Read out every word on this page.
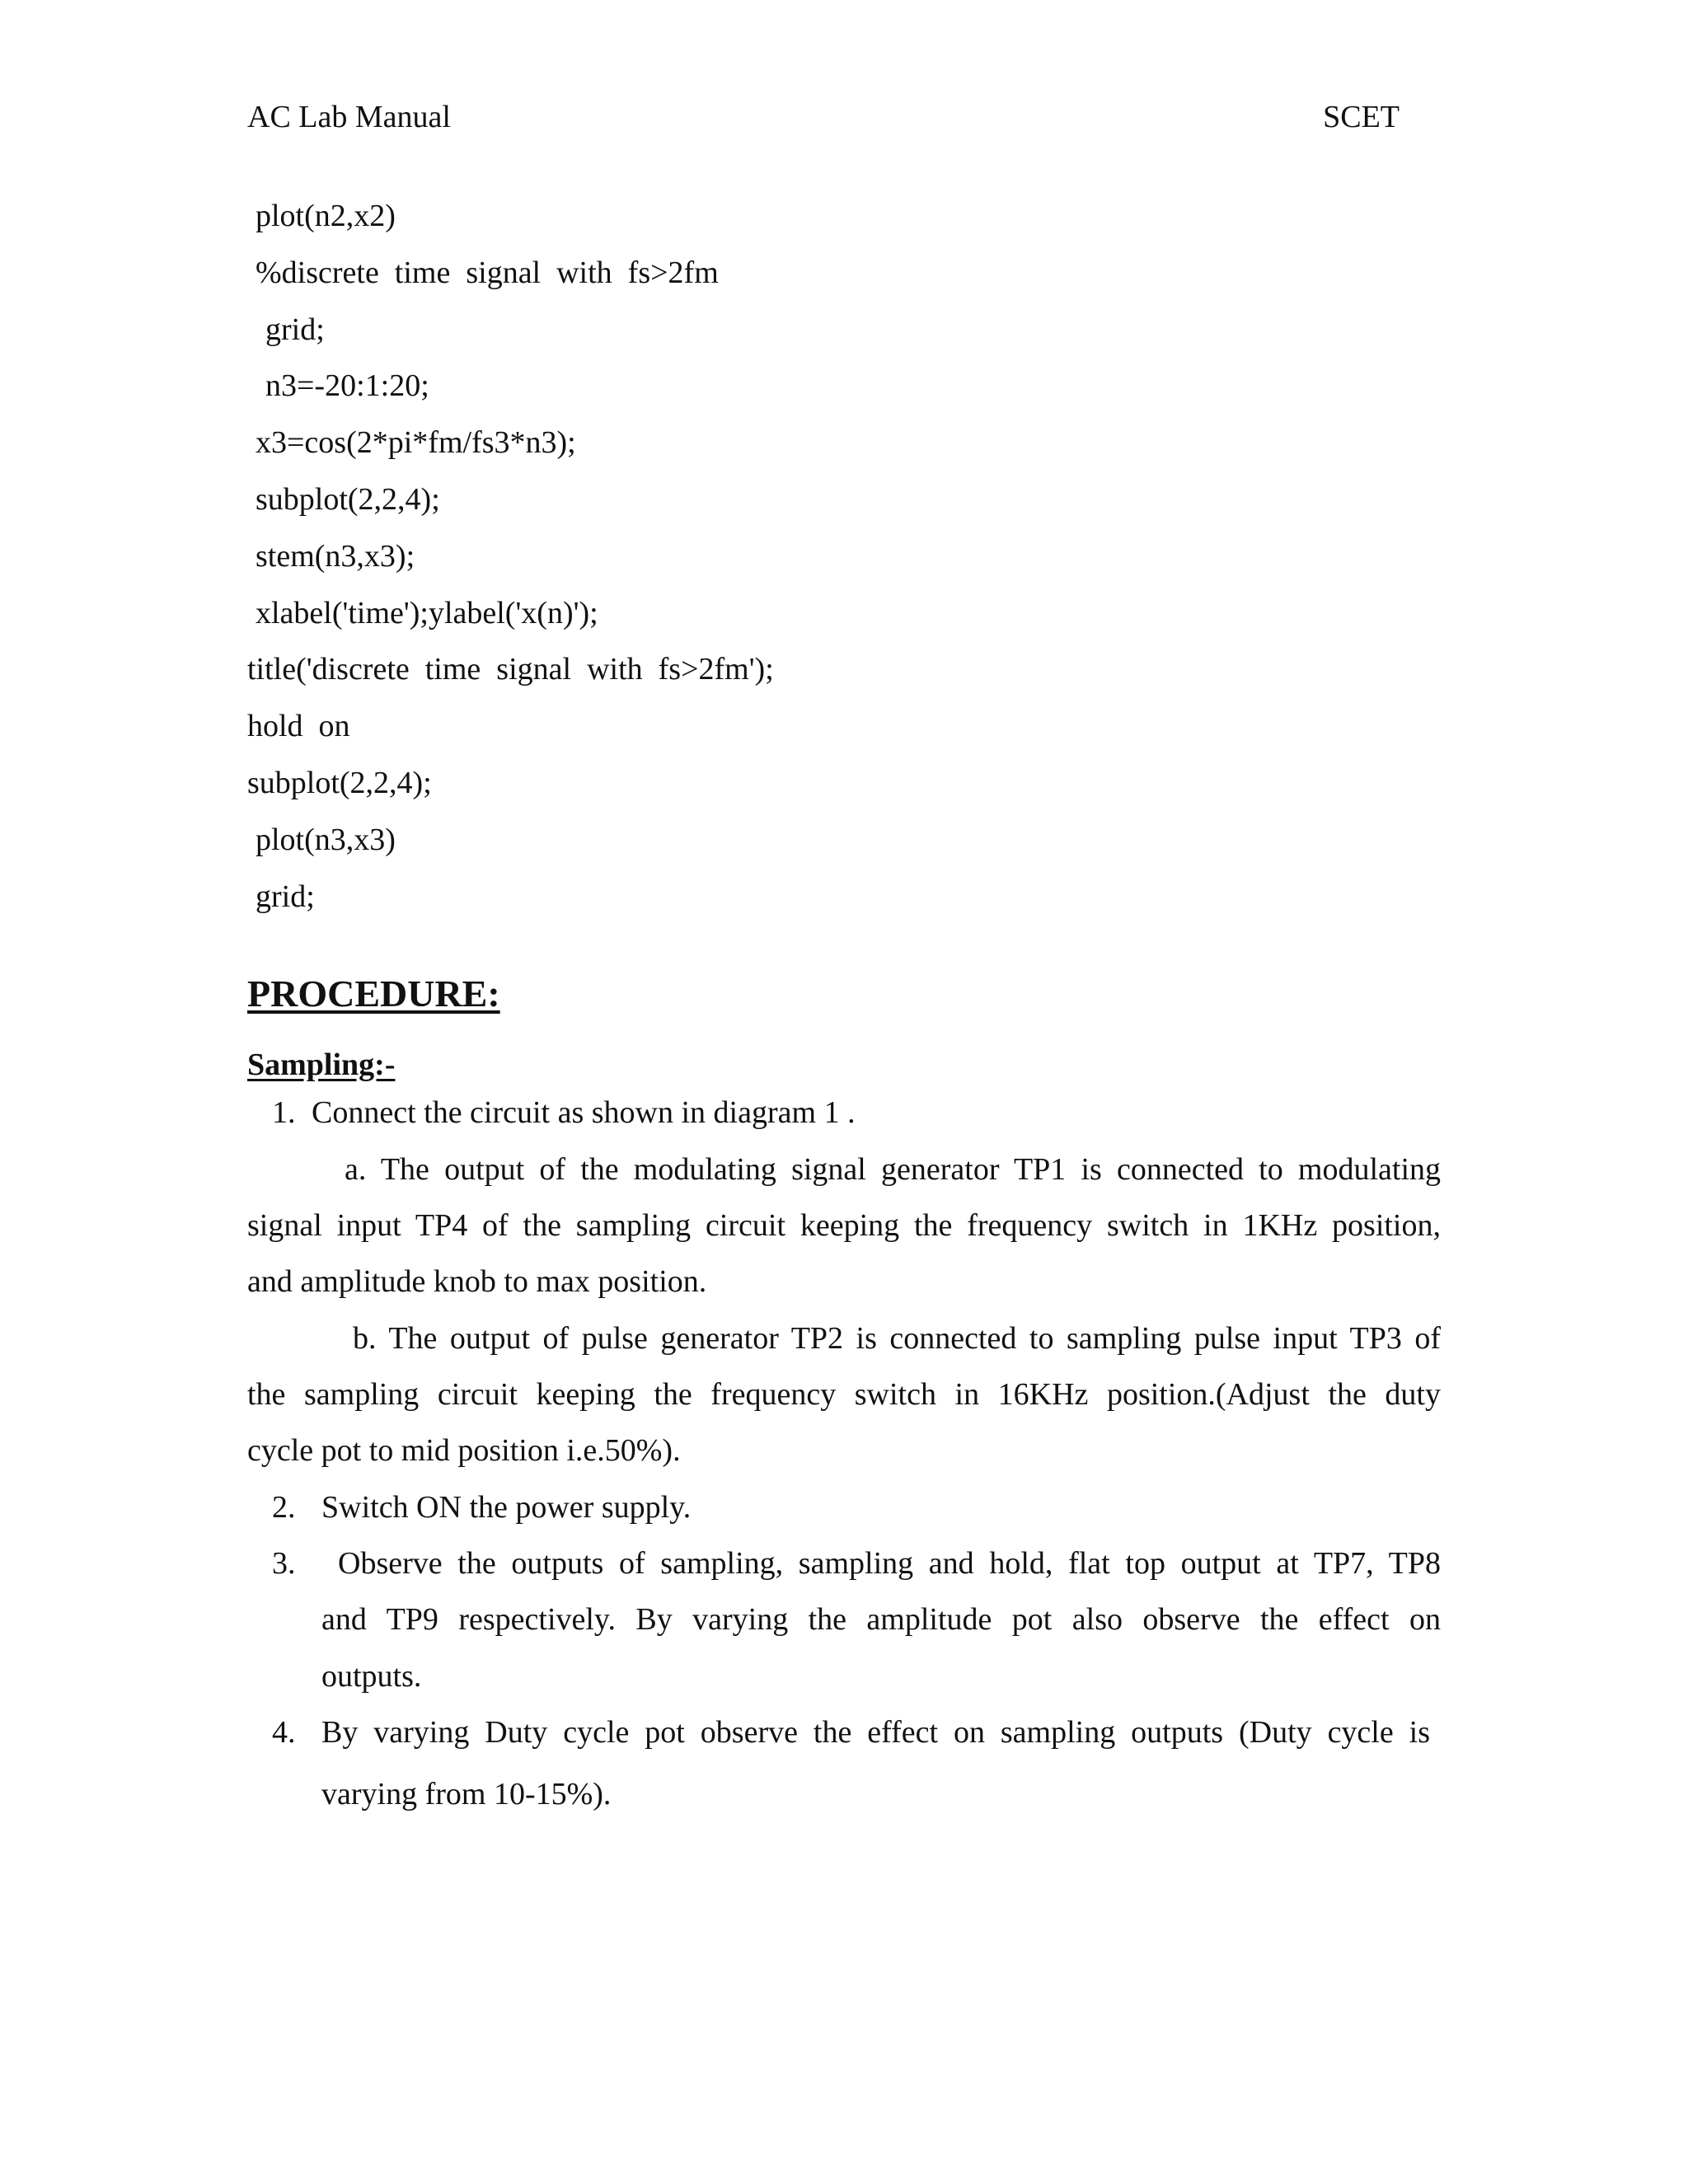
AC Lab Manual	SCET
plot(n2,x2)
%discrete  time  signal  with  fs>2fm
grid;
n3=-20:1:20;
x3=cos(2*pi*fm/fs3*n3);
subplot(2,2,4);
stem(n3,x3);
xlabel('time');ylabel('x(n)');
title('discrete  time  signal  with  fs>2fm');
hold  on
subplot(2,2,4);
plot(n3,x3)
grid;
PROCEDURE:
Sampling:-
1. Connect the circuit as shown in diagram 1 .
a. The output of the modulating signal generator TP1 is connected to modulating
signal input TP4 of the sampling circuit keeping the frequency switch in 1KHz position,
and amplitude knob to max position.
b. The output of pulse generator TP2 is connected to sampling pulse input TP3 of
the sampling circuit keeping the frequency switch in 16KHz position.(Adjust the duty
cycle pot to mid position i.e.50%).
2. Switch ON the power supply.
3. Observe the outputs of sampling, sampling and hold, flat top output at TP7, TP8
and TP9 respectively. By varying the amplitude pot also observe the effect on
outputs.
4. By varying Duty cycle pot observe the effect on sampling outputs (Duty cycle is
varying from 10-15%).
